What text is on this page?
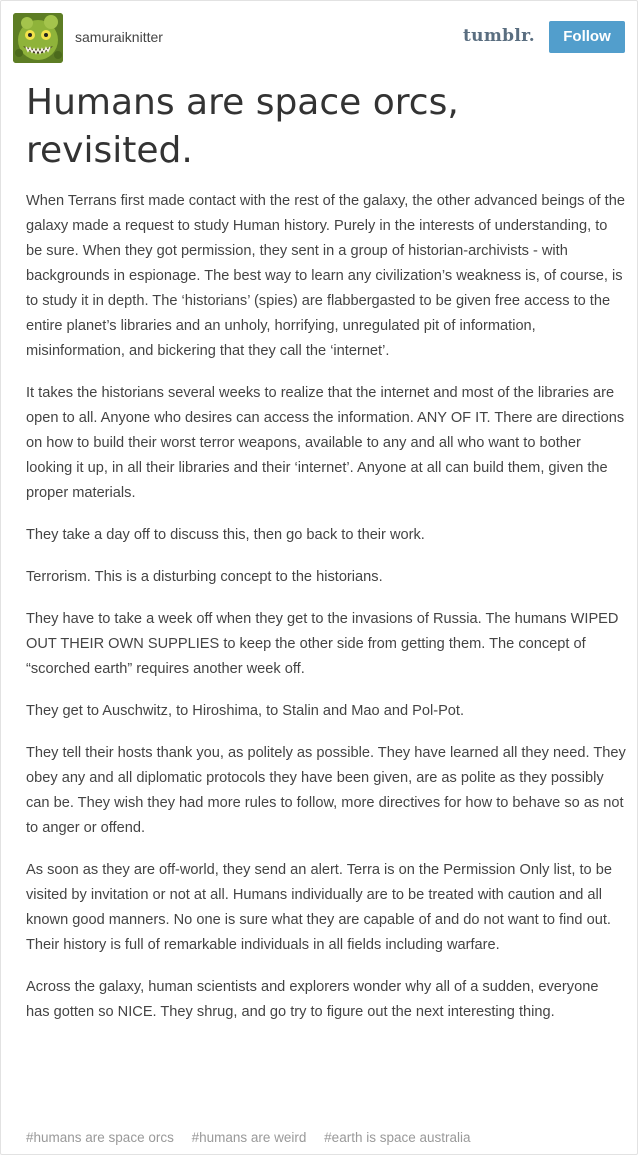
samuraiknitter	tumblr.	Follow
Humans are space orcs, revisited.

When Terrans first made contact with the rest of the galaxy, the other advanced beings of the galaxy made a request to study Human history. Purely in the interests of understanding, to be sure. When they got permission, they sent in a group of historian-archivists - with backgrounds in espionage. The best way to learn any civilization’s weakness is, of course, is to study it in depth. The ‘historians’ (spies) are flabbergasted to be given free access to the entire planet’s libraries and an unholy, horrifying, unregulated pit of information, misinformation, and bickering that they call the ‘internet’.

It takes the historians several weeks to realize that the internet and most of the libraries are open to all. Anyone who desires can access the information. ANY OF IT. There are directions on how to build their worst terror weapons, available to any and all who want to bother looking it up, in all their libraries and their ‘internet’. Anyone at all can build them, given the proper materials.

They take a day off to discuss this, then go back to their work.

Terrorism. This is a disturbing concept to the historians.

They have to take a week off when they get to the invasions of Russia. The humans WIPED OUT THEIR OWN SUPPLIES to keep the other side from getting them. The concept of “scorched earth” requires another week off.

They get to Auschwitz, to Hiroshima, to Stalin and Mao and Pol-Pot.

They tell their hosts thank you, as politely as possible. They have learned all they need. They obey any and all diplomatic protocols they have been given, are as polite as they possibly can be. They wish they had more rules to follow, more directives for how to behave so as not to anger or offend.

As soon as they are off-world, they send an alert. Terra is on the Permission Only list, to be visited by invitation or not at all. Humans individually are to be treated with caution and all known good manners. No one is sure what they are capable of and do not want to find out. Their history is full of remarkable individuals in all fields including warfare.

Across the galaxy, human scientists and explorers wonder why all of a sudden, everyone has gotten so NICE. They shrug, and go try to figure out the next interesting thing.

#humans are space orcs #humans are weird #earth is space australia
